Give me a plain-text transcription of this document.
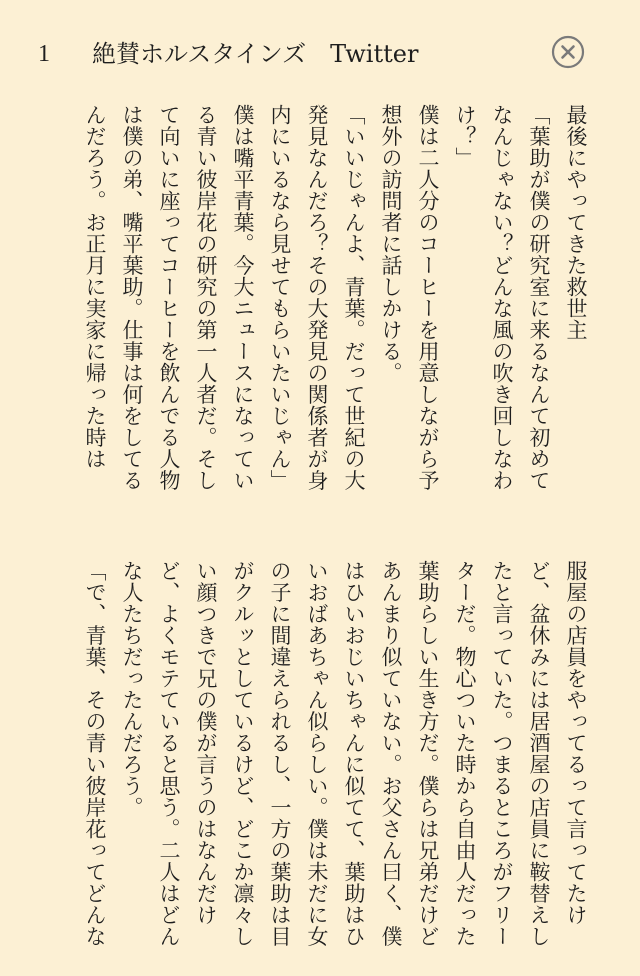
1 絶賛ホルスタインズ　Twitter

最後にやってきた救世主

「葉助が僕の研究室に来るなんて初めてなんじゃない？どんな風の吹き回しなわけ？」

僕は二人分のコーヒーを用意しながら予想外の訪問者に話しかける。

「いいじゃんよ、青葉。だって世紀の大発見なんだろ？その大発見の関係者が身内にいるなら見せてもらいたいじゃん」

僕は嘴平青葉。今大ニュースになっている青い彼岸花の研究の第一人者だ。そして向いに座ってコーヒーを飲んでる人物は僕の弟、嘴平葉助。仕事は何をしてるんだろう。お正月に実家に帰った時は

服屋の店員をやってるって言ってたけど、盆休みには居酒屋の店員に鞍替えしたと言っていた。つまるところがフリーターだ。物心ついた時から自由人だった葉助らしい生き方だ。僕らは兄弟だけどあんまり似ていない。お父さん曰く、僕はひいおじいちゃんに似てて、葉助はひいおばあちゃん似らしい。僕は未だに女の子に間違えられるし、一方の葉助は目がクルッとしているけど、どこか凛々しい顔つきで兄の僕が言うのはなんだけど、よくモテていると思う。二人はどんな人たちだったんだろう。

「で、青葉、その青い彼岸花ってどんな
